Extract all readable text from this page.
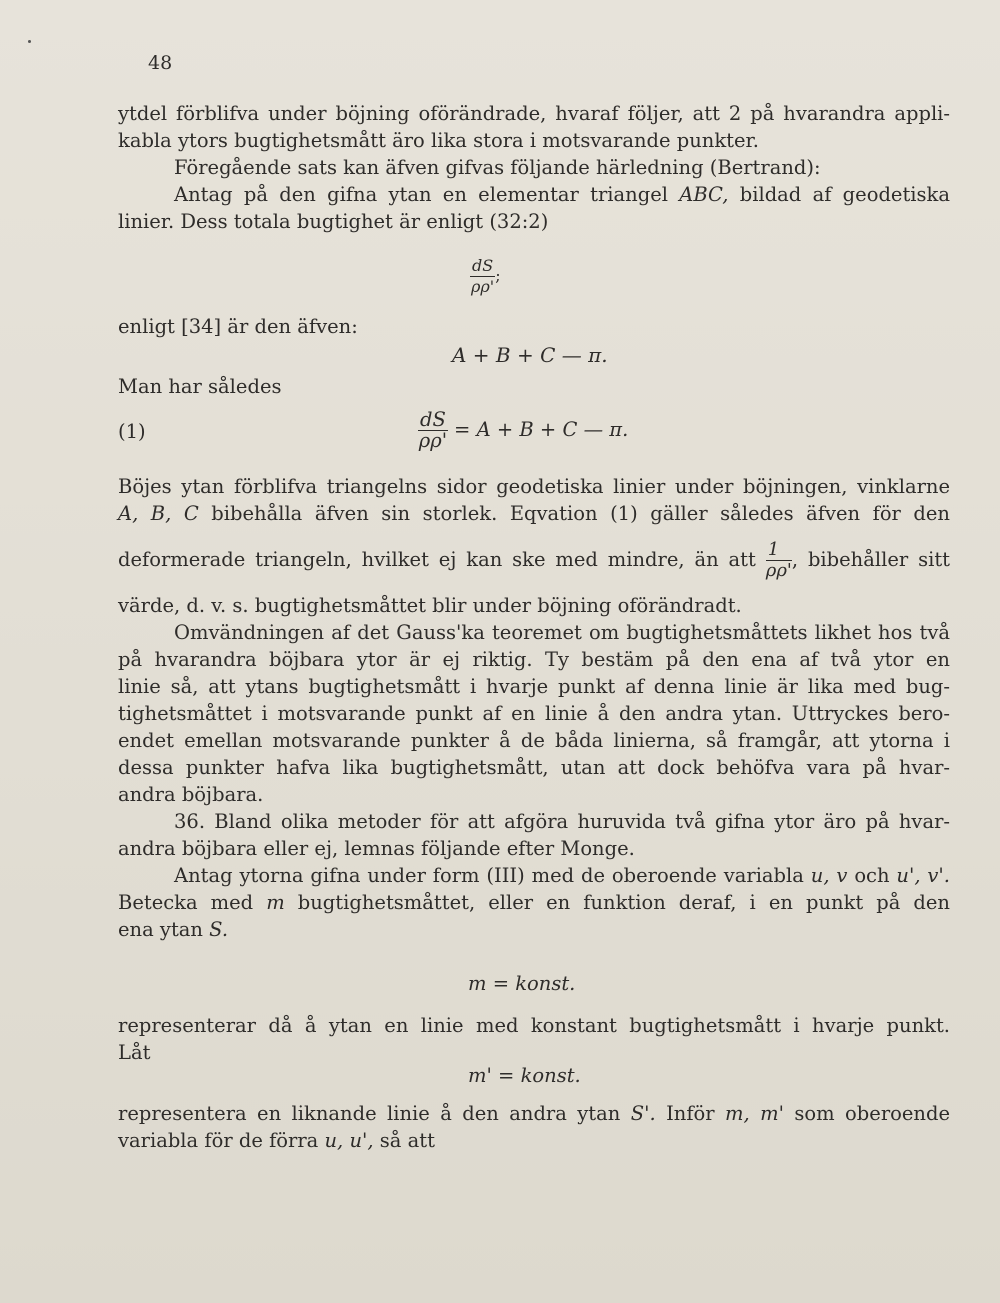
48
ytdel förblifva under böjning oförändrade, hvaraf följer, att 2 på hvarandra appli-
kabla ytors bugtighetsmått äro lika stora i motsvarande punkter.
Föregående sats kan äfven gifvas följande härledning (Bertrand):
Antag på den gifna ytan en elementar triangel ABC, bildad af geodetiska
linier. Dess totala bugtighet är enligt (32:2)
$\frac{dS}{\rho\rho'}$ ;
enligt [34] är den äfven:
A + B + C — π.
Man har således
(1)	$\frac{dS}{\rho\rho'} = A + B + C$ — π.
Böjes ytan förblifva triangelns sidor geodetiska linier under böjningen, vinklarne
A, B, C bibehålla äfven sin storlek. Eqvation (1) gäller således äfven för den
deformerade triangeln, hvilket ej kan ske med mindre, än att $\frac{1}{\rho\rho'}$ , bibehåller sitt
värde, d. v. s. bugtighetsmåttet blir under böjning oförändradt.
Omvändningen af det Gauss'ka teoremet om bugtighetsmåttets likhet hos två
på hvarandra böjbara ytor är ej riktig. Ty bestäm på den ena af två ytor en
linie så, att ytans bugtighetsmått i hvarje punkt af denna linie är lika med bug-
tighetsmåttet i motsvarande punkt af en linie å den andra ytan. Uttryckes bero-
endet emellan motsvarande punkter å de båda linierna, så framgår, att ytorna i
dessa punkter hafva lika bugtighetsmått, utan att dock behöfva vara på hvar-
andra böjbara.
36. Bland olika metoder för att afgöra huruvida två gifna ytor äro på hvar-
andra böjbara eller ej, lemnas följande efter Monge.
Antag ytorna gifna under form (III) med de oberoende variabla u, v och u', v'.
Betecka med m bugtighetsmåttet, eller en funktion deraf, i en punkt på den
ena ytan S.
m = konst.
representerar då å ytan en linie med konstant bugtighetsmått i hvarje punkt.
Låt
m' = konst.
representera en liknande linie å den andra ytan S'. Inför m, m' som oberoende
variabla för de förra u, u', så att
